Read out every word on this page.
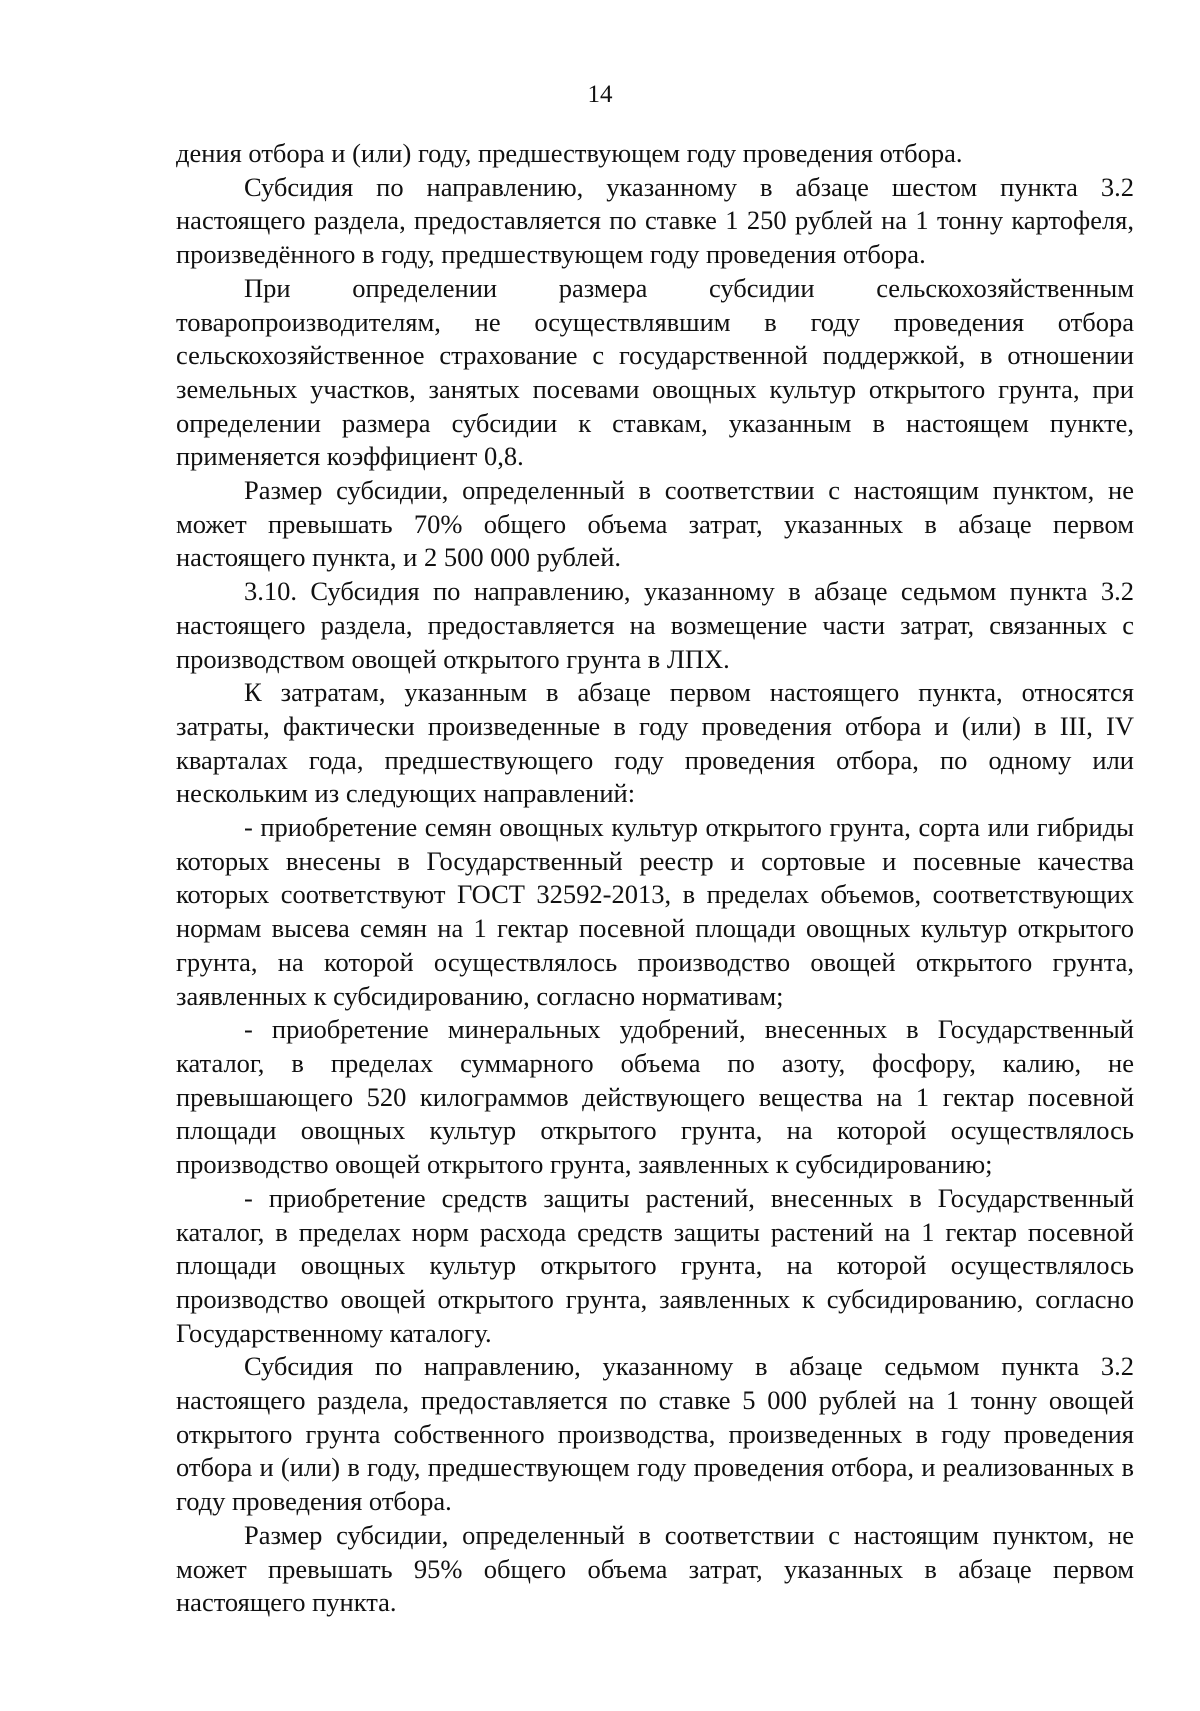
14

дения отбора и (или) году, предшествующем году проведения отбора.

Субсидия по направлению, указанному в абзаце шестом пункта 3.2 настоящего раздела, предоставляется по ставке 1 250 рублей на 1 тонну картофеля, произведённого в году, предшествующем году проведения отбора.

При определении размера субсидии сельскохозяйственным товаропроизводителям, не осуществлявшим в году проведения отбора сельскохозяйственное страхование с государственной поддержкой, в отношении земельных участков, занятых посевами овощных культур открытого грунта, при определении размера субсидии к ставкам, указанным в настоящем пункте, применяется коэффициент 0,8.

Размер субсидии, определенный в соответствии с настоящим пунктом, не может превышать 70% общего объема затрат, указанных в абзаце первом настоящего пункта, и 2 500 000 рублей.

3.10. Субсидия по направлению, указанному в абзаце седьмом пункта 3.2 настоящего раздела, предоставляется на возмещение части затрат, связанных с производством овощей открытого грунта в ЛПХ.

К затратам, указанным в абзаце первом настоящего пункта, относятся затраты, фактически произведенные в году проведения отбора и (или) в III, IV кварталах года, предшествующего году проведения отбора, по одному или нескольким из следующих направлений:

- приобретение семян овощных культур открытого грунта, сорта или гибриды которых внесены в Государственный реестр и сортовые и посевные качества которых соответствуют ГОСТ 32592-2013, в пределах объемов, соответствующих нормам высева семян на 1 гектар посевной площади овощных культур открытого грунта, на которой осуществлялось производство овощей открытого грунта, заявленных к субсидированию, согласно нормативам;

- приобретение минеральных удобрений, внесенных в Государственный каталог, в пределах суммарного объема по азоту, фосфору, калию, не превышающего 520 килограммов действующего вещества на 1 гектар посевной площади овощных культур открытого грунта, на которой осуществлялось производство овощей открытого грунта, заявленных к субсидированию;

- приобретение средств защиты растений, внесенных в Государственный каталог, в пределах норм расхода средств защиты растений на 1 гектар посевной площади овощных культур открытого грунта, на которой осуществлялось производство овощей открытого грунта, заявленных к субсидированию, согласно Государственному каталогу.

Субсидия по направлению, указанному в абзаце седьмом пункта 3.2 настоящего раздела, предоставляется по ставке 5 000 рублей на 1 тонну овощей открытого грунта собственного производства, произведенных в году проведения отбора и (или) в году, предшествующем году проведения отбора, и реализованных в году проведения отбора.

Размер субсидии, определенный в соответствии с настоящим пунктом, не может превышать 95% общего объема затрат, указанных в абзаце первом настоящего пункта.
